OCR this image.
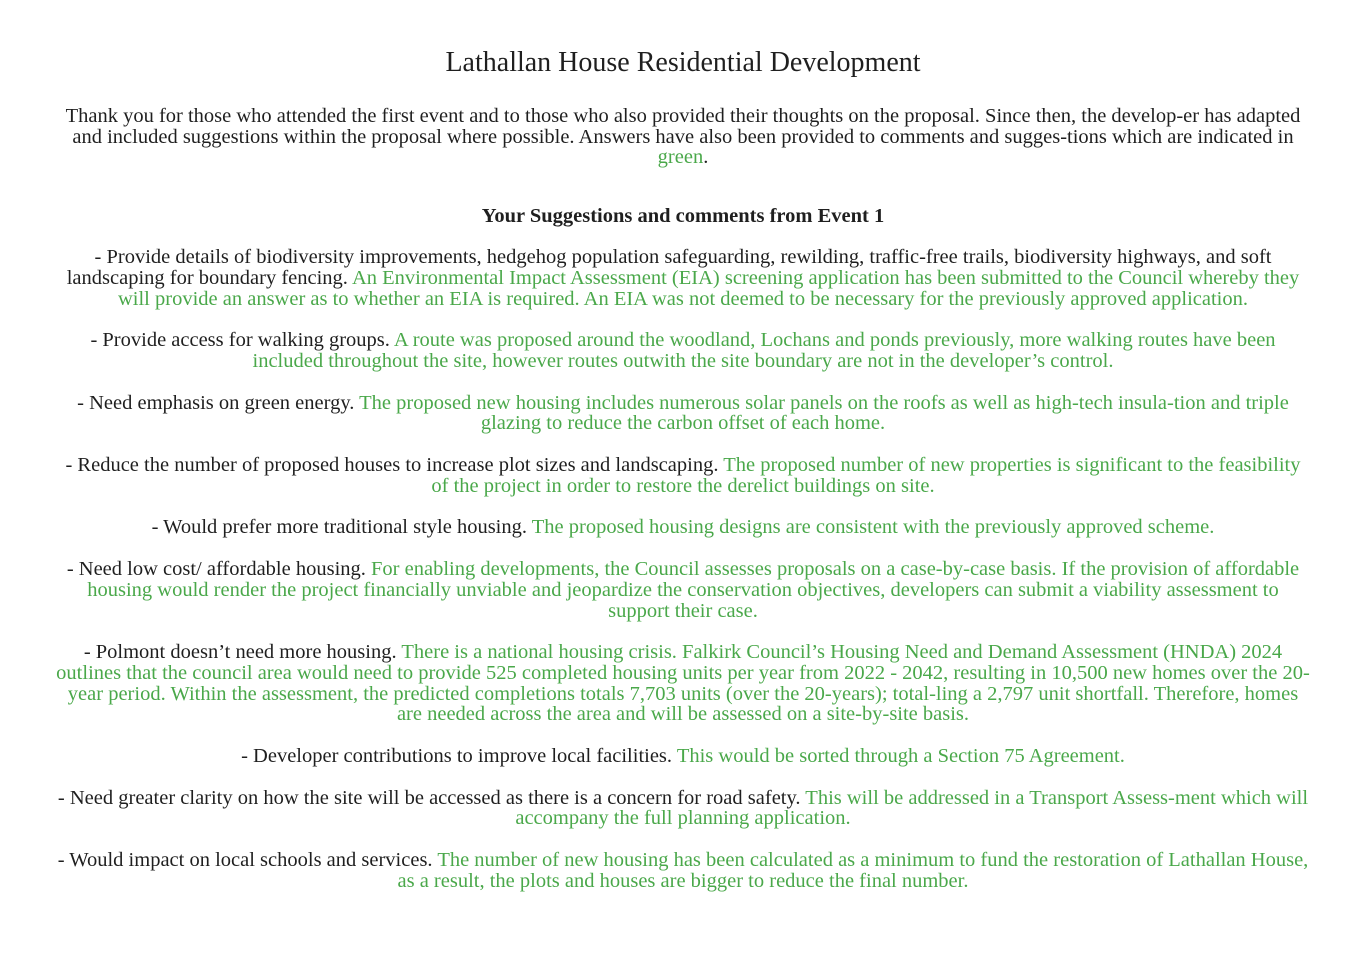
Lathallan House Residential Development

Thank you for those who attended the first event and to those who also provided their thoughts on the proposal. Since then, the develop-er has adapted and included suggestions within the proposal where possible. Answers have also been provided to comments and sugges-tions which are indicated in green.

Your Suggestions and comments from Event 1

- Provide details of biodiversity improvements, hedgehog population safeguarding, rewilding, traffic-free trails, biodiversity highways, and soft landscaping for boundary fencing. An Environmental Impact Assessment (EIA) screening application has been submitted to the Council whereby they will provide an answer as to whether an EIA is required. An EIA was not deemed to be necessary for the previously approved application.

- Provide access for walking groups. A route was proposed around the woodland, Lochans and ponds previously, more walking routes have been included throughout the site, however routes outwith the site boundary are not in the developer’s control.

- Need emphasis on green energy. The proposed new housing includes numerous solar panels on the roofs as well as high-tech insula-tion and triple glazing to reduce the carbon offset of each home.

- Reduce the number of proposed houses to increase plot sizes and landscaping. The proposed number of new properties is significant to the feasibility of the project in order to restore the derelict buildings on site.

- Would prefer more traditional style housing. The proposed housing designs are consistent with the previously approved scheme.

- Need low cost/ affordable housing. For enabling developments, the Council assesses proposals on a case-by-case basis. If the provision of affordable housing would render the project financially unviable and jeopardize the conservation objectives, developers can submit a viability assessment to support their case.

- Polmont doesn’t need more housing. There is a national housing crisis. Falkirk Council’s Housing Need and Demand Assessment (HNDA) 2024 outlines that the council area would need to provide 525 completed housing units per year from 2022 - 2042, resulting in 10,500 new homes over the 20-year period. Within the assessment, the predicted completions totals 7,703 units (over the 20-years); total-ling a 2,797 unit shortfall. Therefore, homes are needed across the area and will be assessed on a site-by-site basis.

- Developer contributions to improve local facilities. This would be sorted through a Section 75 Agreement.

- Need greater clarity on how the site will be accessed as there is a concern for road safety. This will be addressed in a Transport Assess-ment which will accompany the full planning application.

- Would impact on local schools and services. The number of new housing has been calculated as a minimum to fund the restoration of Lathallan House, as a result, the plots and houses are bigger to reduce the final number.
